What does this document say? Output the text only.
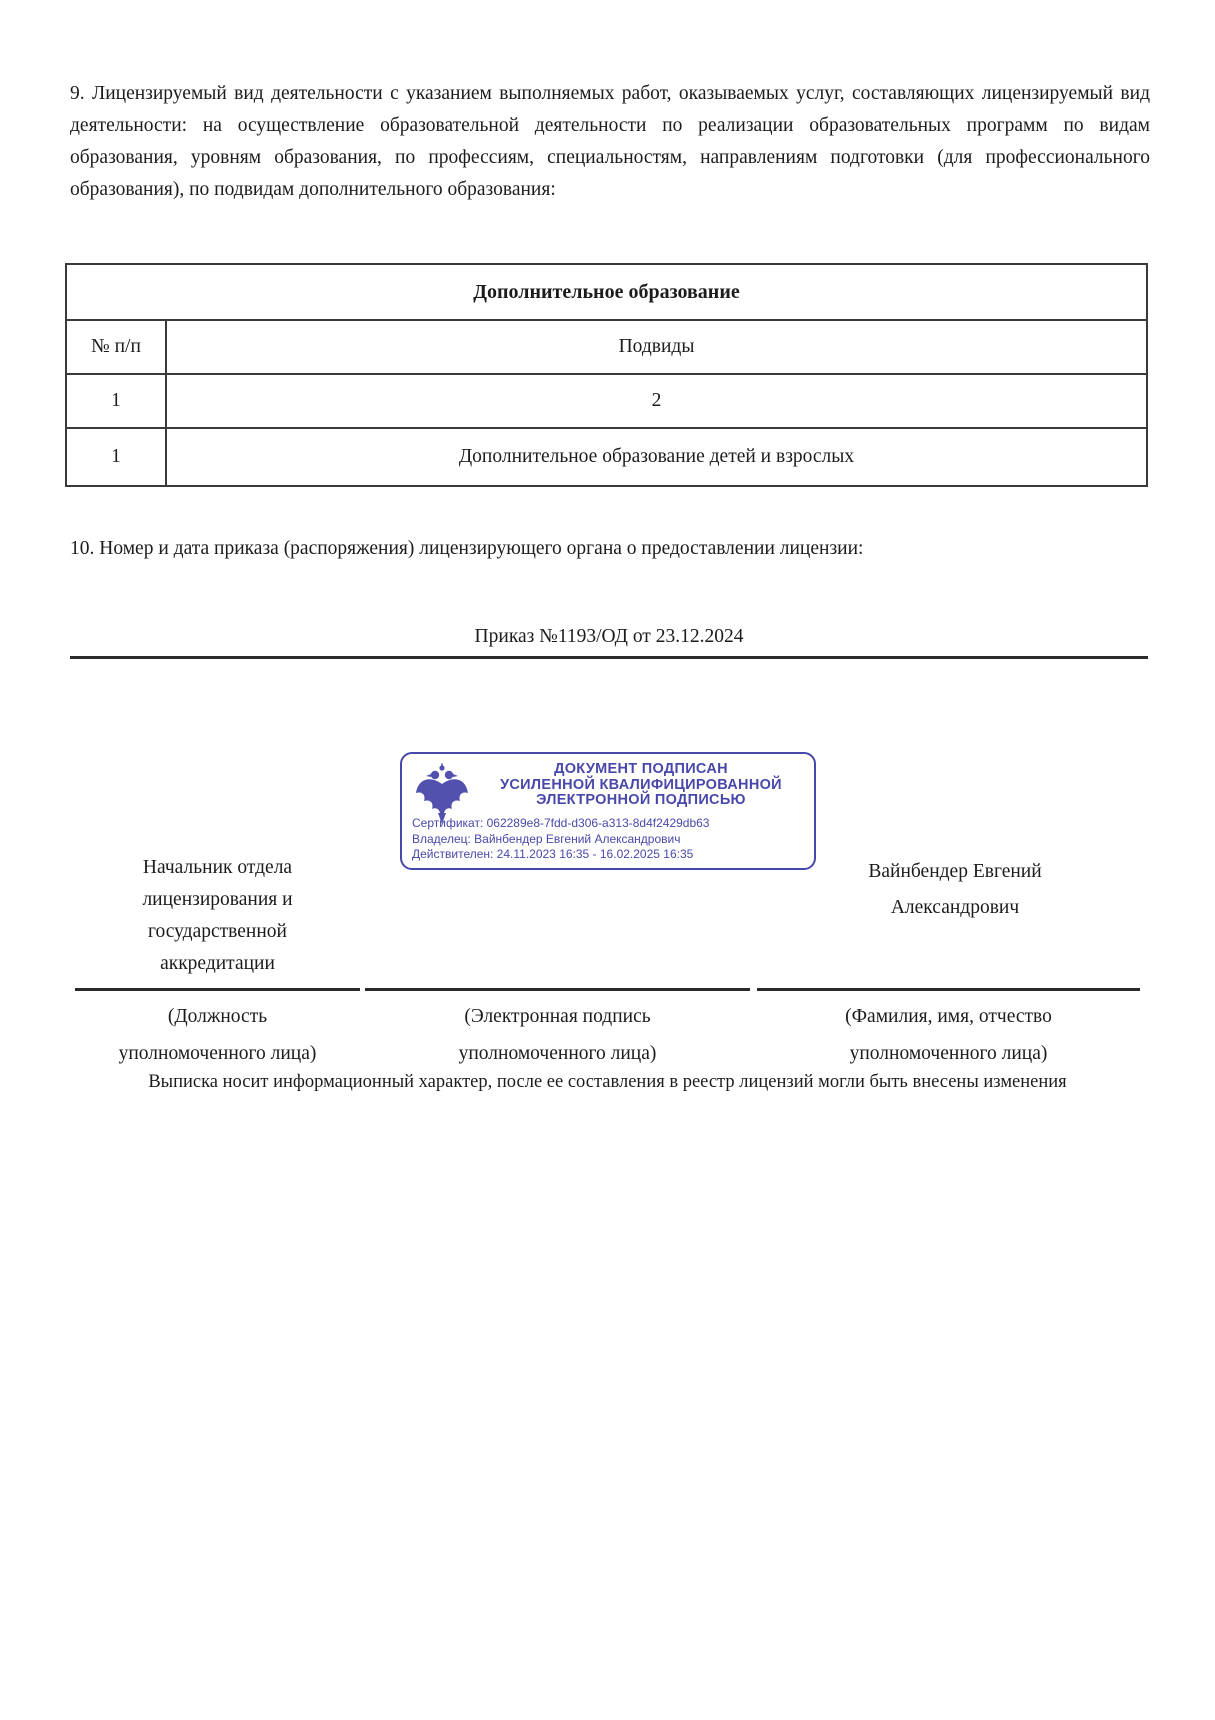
9. Лицензируемый вид деятельности с указанием выполняемых работ, оказываемых услуг, составляющих лицензируемый вид деятельности: на осуществление образовательной деятельности по реализации образовательных программ по видам образования, уровням образования, по профессиям, специальностям, направлениям подготовки (для профессионального образования), по подвидам дополнительного образования:
Дополнительное образование	
№ п/п	Подвиды
1	2
1	Дополнительное образование детей и взрослых
10. Номер и дата приказа (распоряжения) лицензирующего органа о предоставлении лицензии:
Приказ №1193/ОД от 23.12.2024
ДОКУМЕНТ ПОДПИСАН
УСИЛЕННОЙ КВАЛИФИЦИРОВАННОЙ
ЭЛЕКТРОННОЙ ПОДПИСЬЮ
Сертификат: 062289e8-7fdd-d306-a313-8d4f2429db63
Владелец: Вайнбендер Евгений Александрович
Действителен: 24.11.2023 16:35 - 16.02.2025 16:35
Начальник отдела лицензирования и государственной аккредитации
Вайнбендер Евгений Александрович
(Должность уполномоченного лица)
(Электронная подпись уполномоченного лица)
(Фамилия, имя, отчество уполномоченного лица)
Выписка носит информационный характер, после ее составления в реестр лицензий могли быть внесены изменения
